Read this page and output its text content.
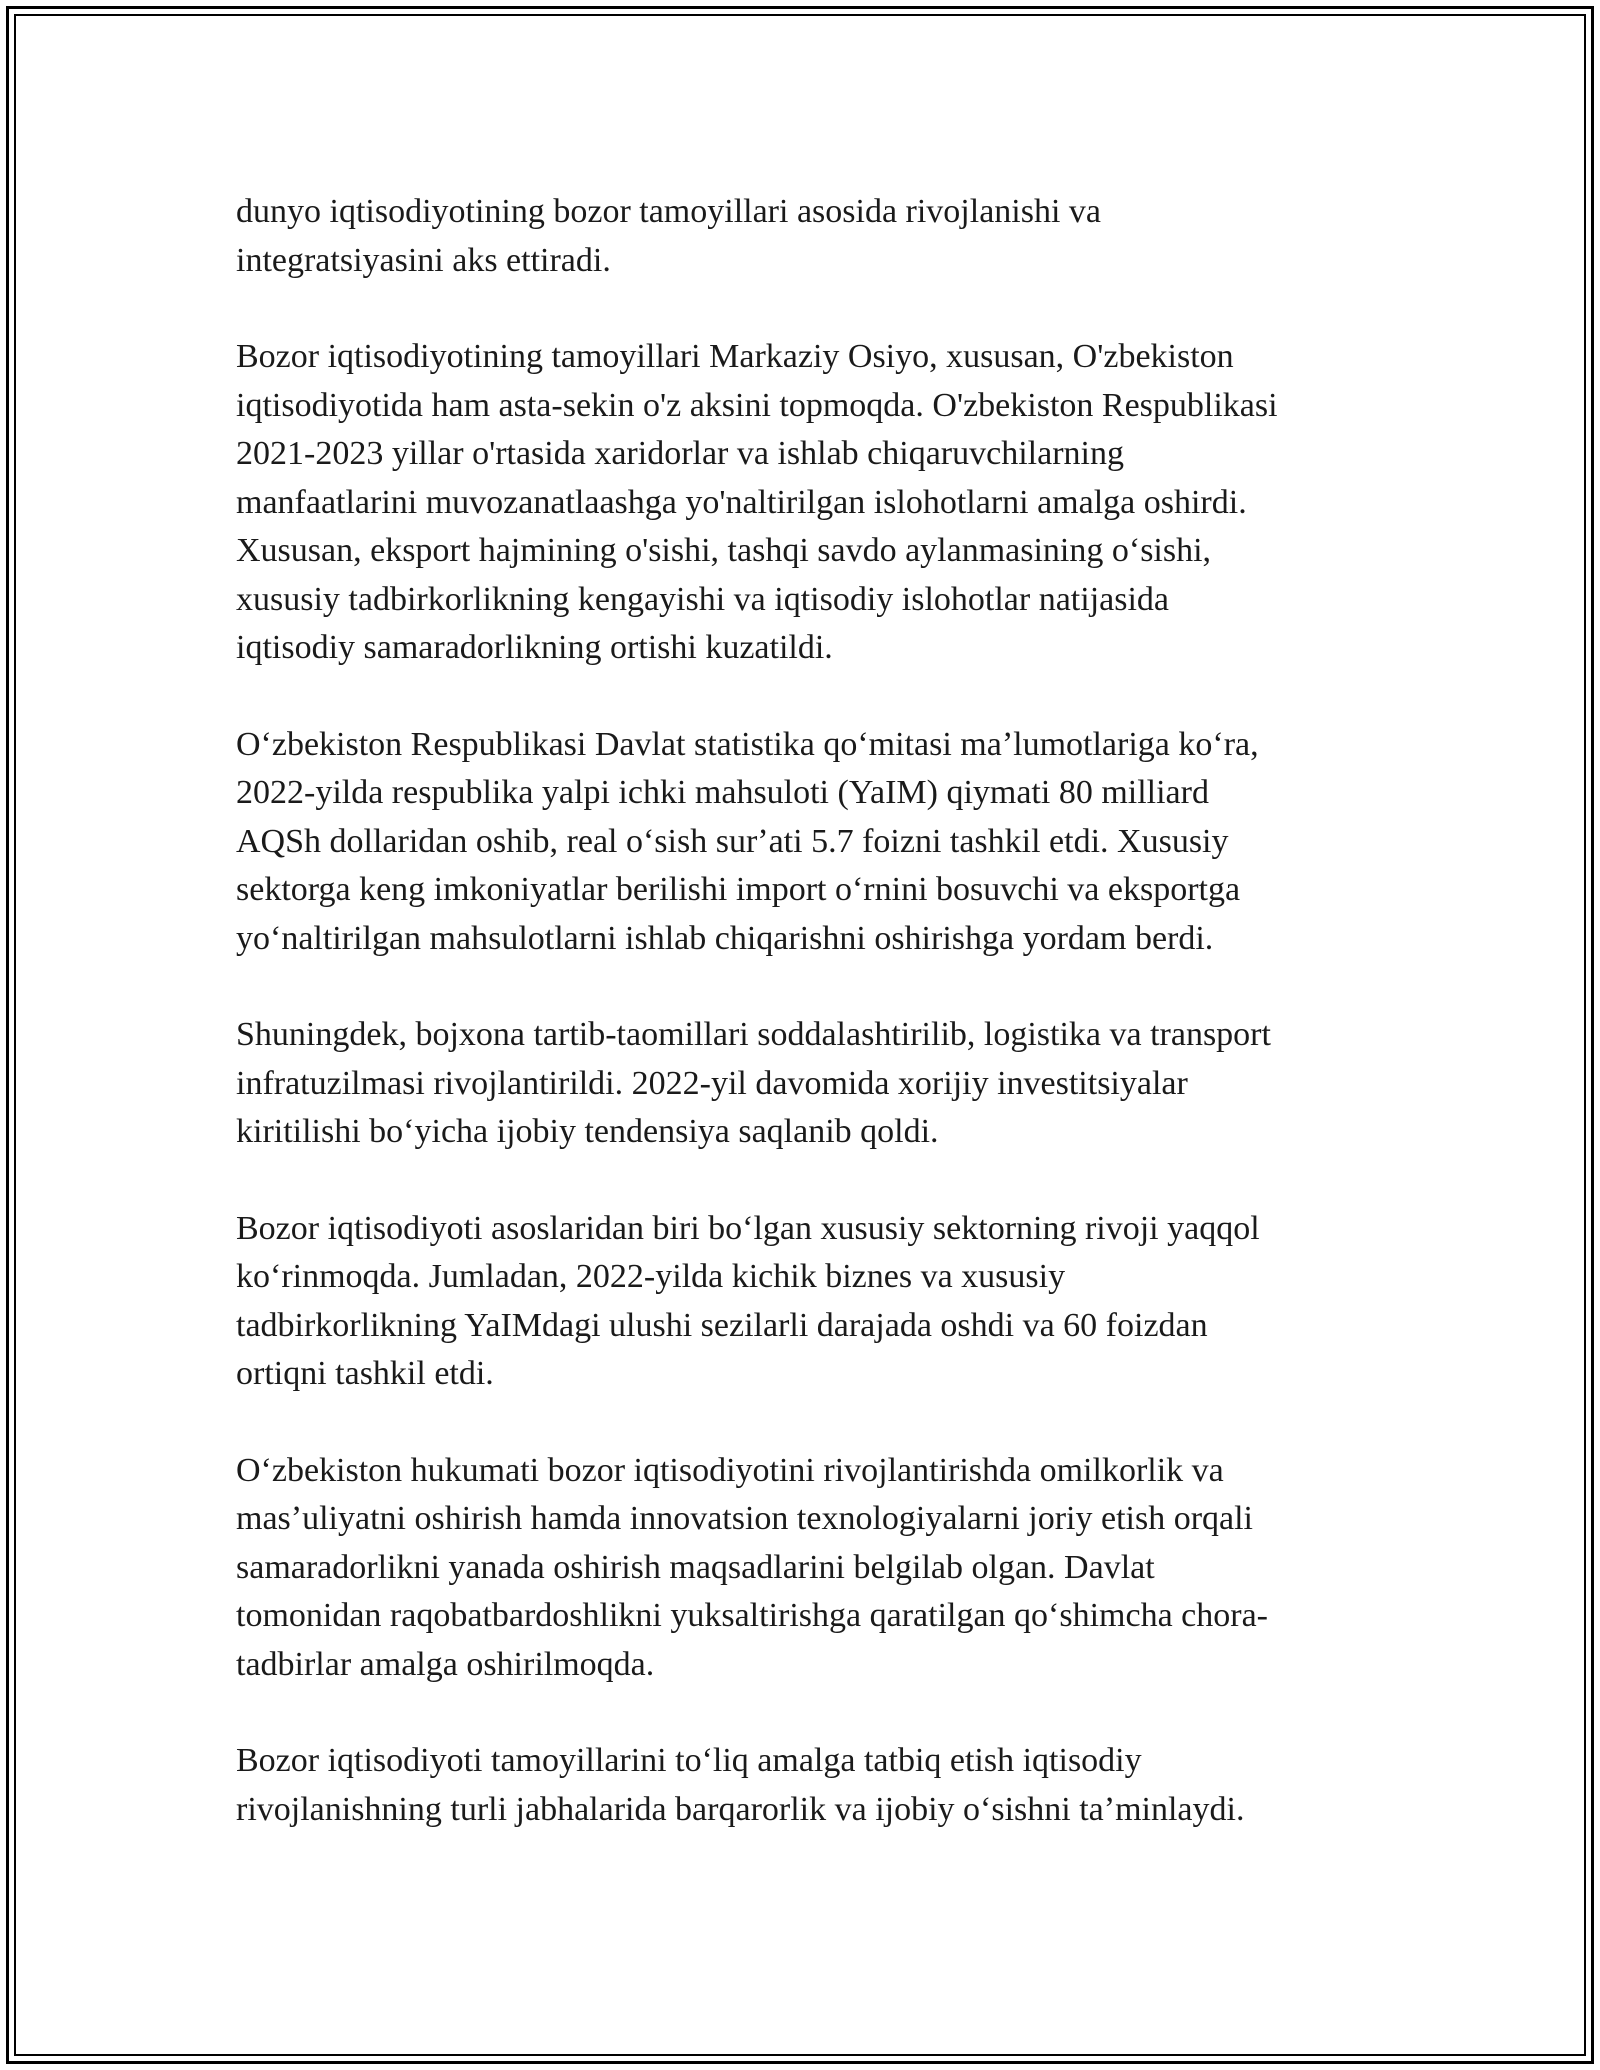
dunyo iqtisodiyotining bozor tamoyillari asosida rivojlanishi va
integratsiyasini aks ettiradi.

Bozor iqtisodiyotining tamoyillari Markaziy Osiyo, xususan, O'zbekiston
iqtisodiyotida ham asta-sekin o'z aksini topmoqda. O'zbekiston Respublikasi
2021-2023 yillar o'rtasida xaridorlar va ishlab chiqaruvchilarning
manfaatlarini muvozanatlaashga yo'naltirilgan islohotlarni amalga oshirdi.
Xususan, eksport hajmining o'sishi, tashqi savdo aylanmasining oʻsishi,
xususiy tadbirkorlikning kengayishi va iqtisodiy islohotlar natijasida
iqtisodiy samaradorlikning ortishi kuzatildi.

Oʻzbekiston Respublikasi Davlat statistika qoʻmitasi maʼlumotlariga koʻra,
2022-yilda respublika yalpi ichki mahsuloti (YaIM) qiymati 80 milliard
AQSh dollaridan oshib, real oʻsish surʼati 5.7 foizni tashkil etdi. Xususiy
sektorga keng imkoniyatlar berilishi import oʻrnini bosuvchi va eksportga
yoʻnaltirilgan mahsulotlarni ishlab chiqarishni oshirishga yordam berdi.

Shuningdek, bojxona tartib-taomillari soddalashtirilib, logistika va transport
infratuzilmasi rivojlantirildi. 2022-yil davomida xorijiy investitsiyalar
kiritilishi boʻyicha ijobiy tendensiya saqlanib qoldi.

Bozor iqtisodiyoti asoslaridan biri boʻlgan xususiy sektorning rivoji yaqqol
koʻrinmoqda. Jumladan, 2022-yilda kichik biznes va xususiy
tadbirkorlikning YaIMdagi ulushi sezilarli darajada oshdi va 60 foizdan
ortiqni tashkil etdi.

Oʻzbekiston hukumati bozor iqtisodiyotini rivojlantirishda omilkorlik va
masʼuliyatni oshirish hamda innovatsion texnologiyalarni joriy etish orqali
samaradorlikni yanada oshirish maqsadlarini belgilab olgan. Davlat
tomonidan raqobatbardoshlikni yuksaltirishga qaratilgan qoʻshimcha chora-
tadbirlar amalga oshirilmoqda.

Bozor iqtisodiyoti tamoyillarini toʻliq amalga tatbiq etish iqtisodiy
rivojlanishning turli jabhalarida barqarorlik va ijobiy oʻsishni taʼminlaydi.
